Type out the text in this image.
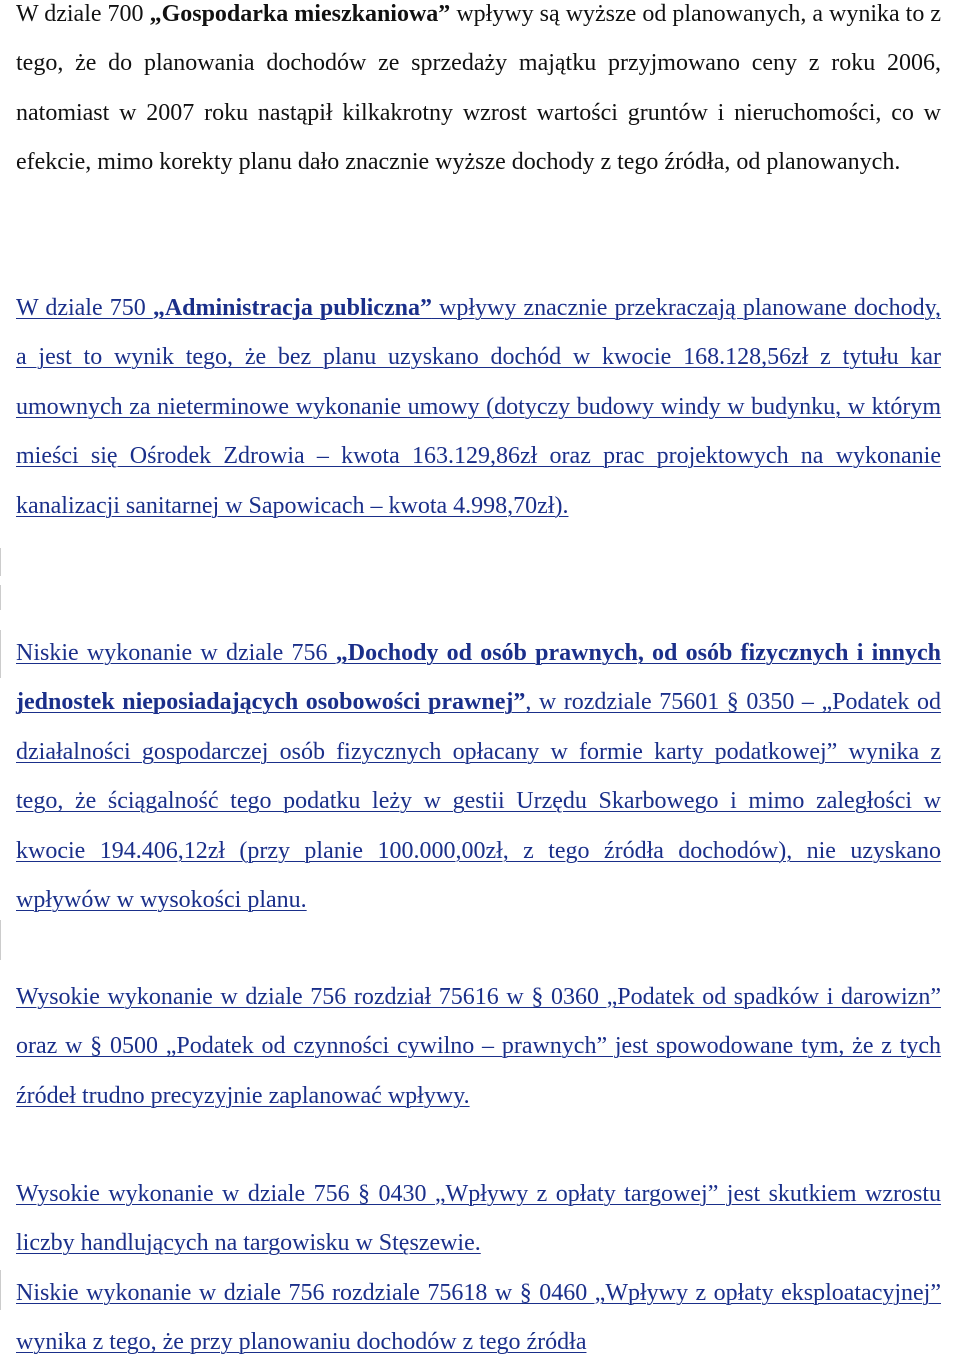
W dziale 700 „Gospodarka mieszkaniowa” wpływy są wyższe od planowanych, a wynika to z tego, że do planowania dochodów ze sprzedaży majątku przyjmowano ceny z roku 2006, natomiast w 2007 roku nastąpił kilkakrotny wzrost wartości gruntów i nieruchomości, co w efekcie, mimo korekty planu dało znacznie wyższe dochody z tego źródła, od planowanych.

W dziale 750 „Administracja publiczna” wpływy znacznie przekraczają planowane dochody, a jest to wynik tego, że bez planu uzyskano dochód w kwocie 168.128,56zł z tytułu kar umownych za nieterminowe wykonanie umowy (dotyczy budowy windy w budynku, w którym mieści się Ośrodek Zdrowia – kwota 163.129,86zł oraz prac projektowych na wykonanie kanalizacji sanitarnej w Sapowicach – kwota 4.998,70zł).

Niskie wykonanie w dziale 756 „Dochody od osób prawnych, od osób fizycznych i innych jednostek nieposiadających osobowości prawnej”, w rozdziale 75601 § 0350 – „Podatek od działalności gospodarczej osób fizycznych opłacany w formie karty podatkowej” wynika z tego, że ściągalność tego podatku leży w gestii Urzędu Skarbowego i mimo zaległości w kwocie 194.406,12zł (przy planie 100.000,00zł, z tego źródła dochodów), nie uzyskano wpływów w wysokości planu.

Wysokie wykonanie w dziale 756 rozdział 75616 w § 0360 „Podatek od spadków i darowizn” oraz w § 0500 „Podatek od czynności cywilno – prawnych” jest spowodowane tym, że z tych źródeł trudno precyzyjnie zaplanować wpływy.

Wysokie wykonanie w dziale 756 § 0430 „Wpływy z opłaty targowej” jest skutkiem wzrostu liczby handlujących na targowisku w Stęszewie.

Niskie wykonanie w dziale 756 rozdziale 75618 w § 0460 „Wpływy z opłaty eksploatacyjnej” wynika z tego, że przy planowaniu dochodów z tego źródła
